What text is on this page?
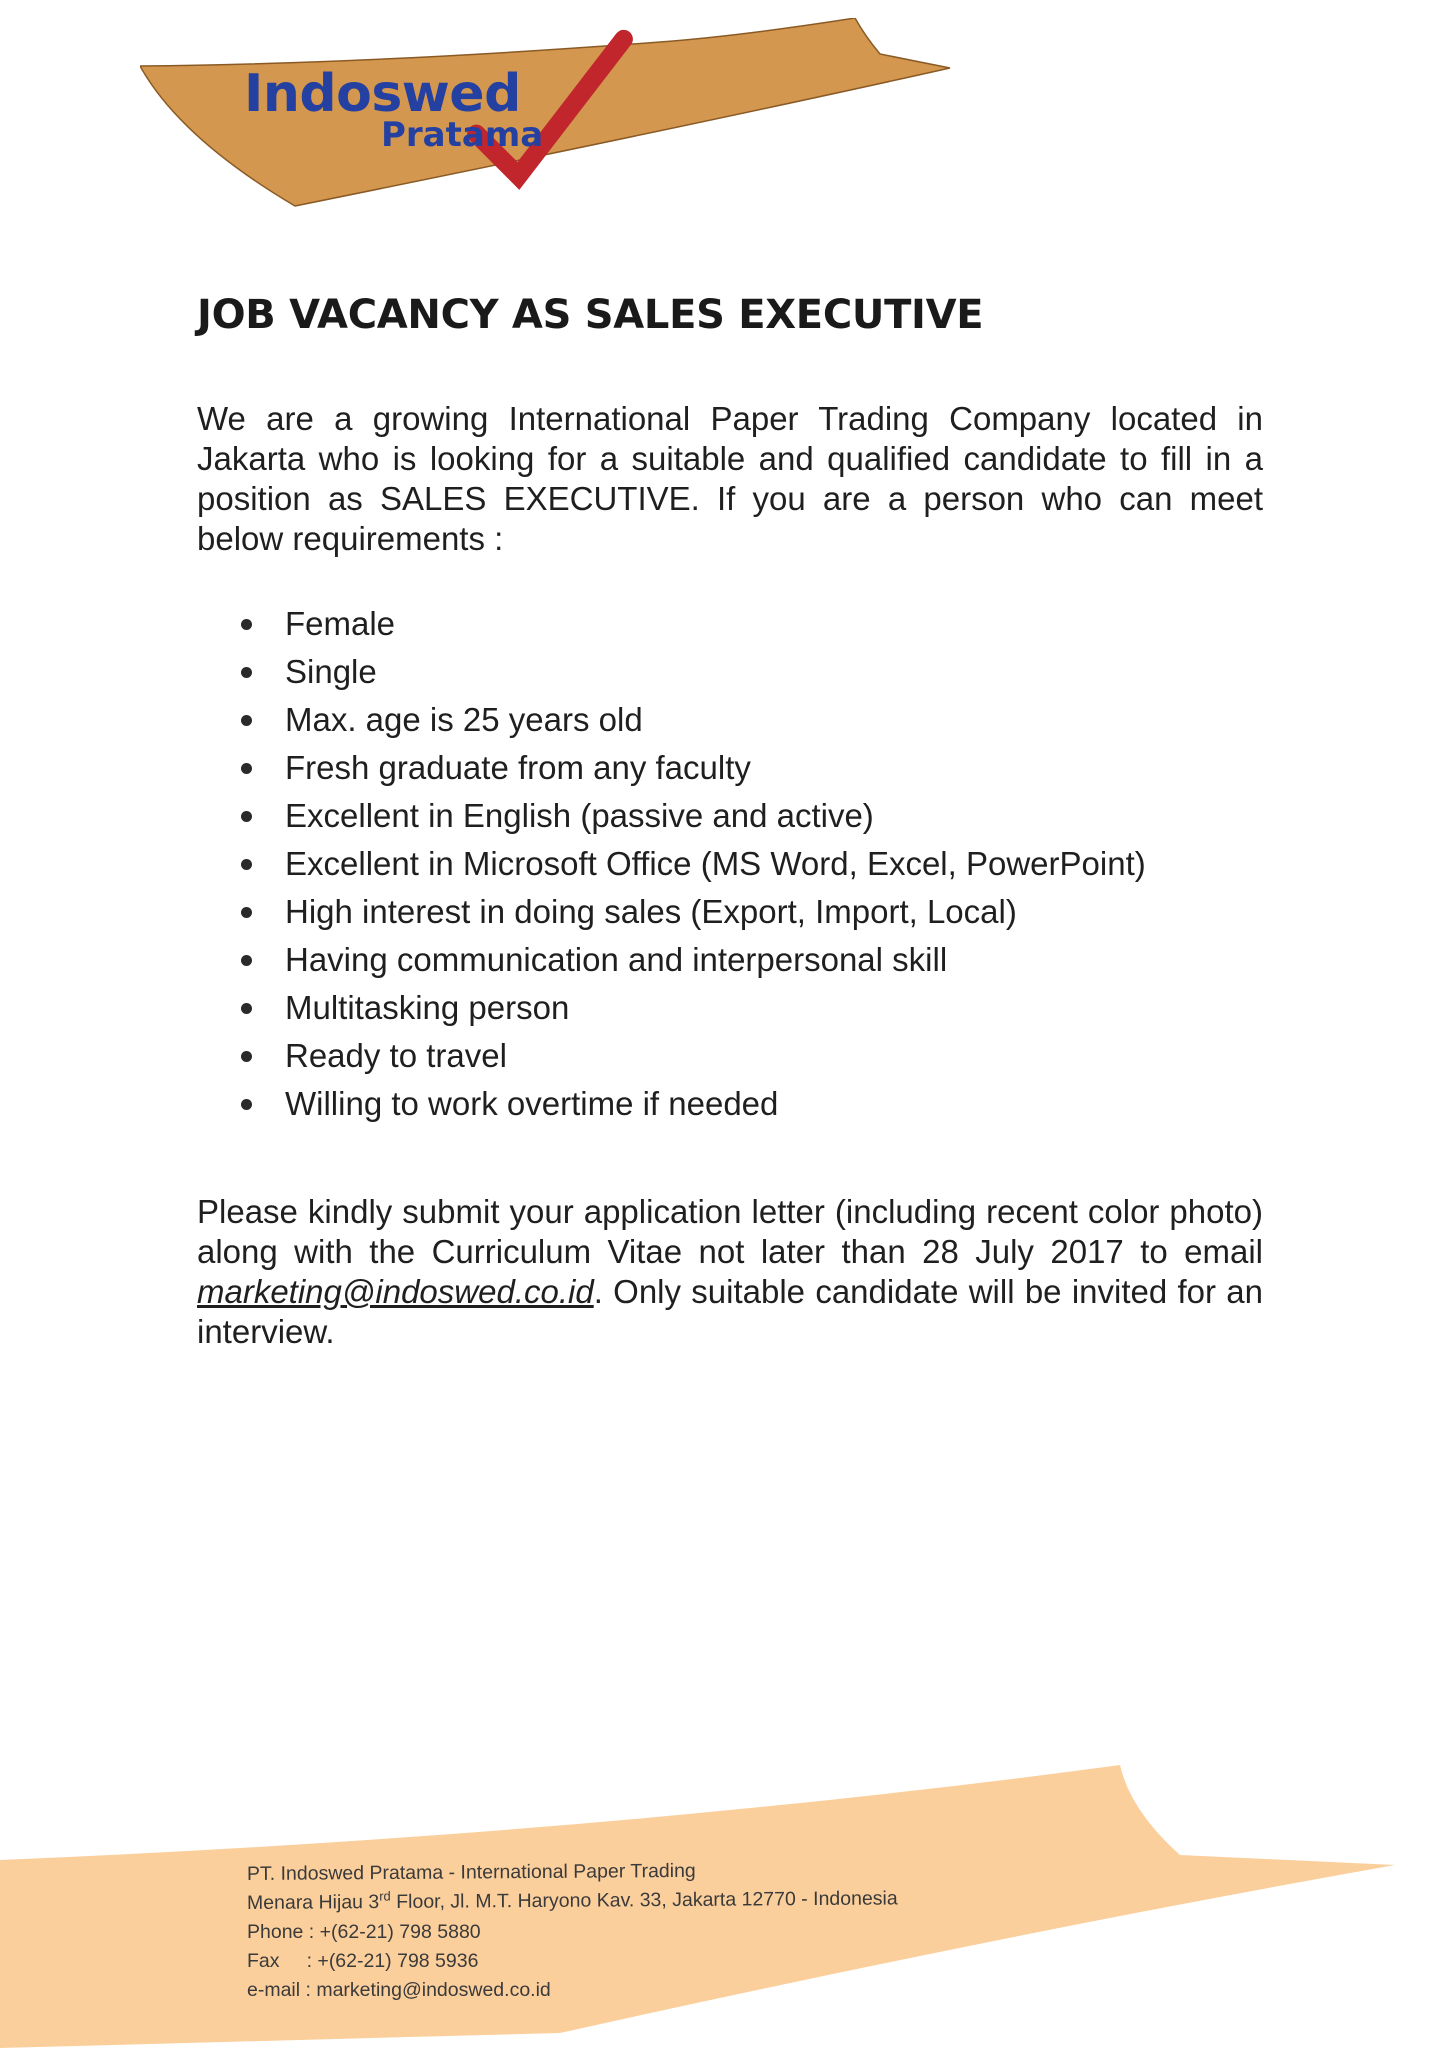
Indoswed
Pratama
JOB VACANCY AS SALES EXECUTIVE

We are a growing International Paper Trading Company located in Jakarta who is looking for a suitable and qualified candidate to fill in a position as SALES EXECUTIVE. If you are a person who can meet below requirements :

Female
Single
Max. age is 25 years old
Fresh graduate from any faculty
Excellent in English (passive and active)
Excellent in Microsoft Office (MS Word, Excel, PowerPoint)
High interest in doing sales (Export, Import, Local)
Having communication and interpersonal skill
Multitasking person
Ready to travel
Willing to work overtime if needed

Please kindly submit your application letter (including recent color photo) along with the Curriculum Vitae not later than 28 July 2017 to email marketing@indoswed.co.id. Only suitable candidate will be invited for an interview.

PT. Indoswed Pratama - International Paper Trading
Menara Hijau 3rd Floor, Jl. M.T. Haryono Kav. 33, Jakarta 12770 - Indonesia
Phone : +(62-21) 798 5880
Fax     : +(62-21) 798 5936
e-mail : marketing@indoswed.co.id
